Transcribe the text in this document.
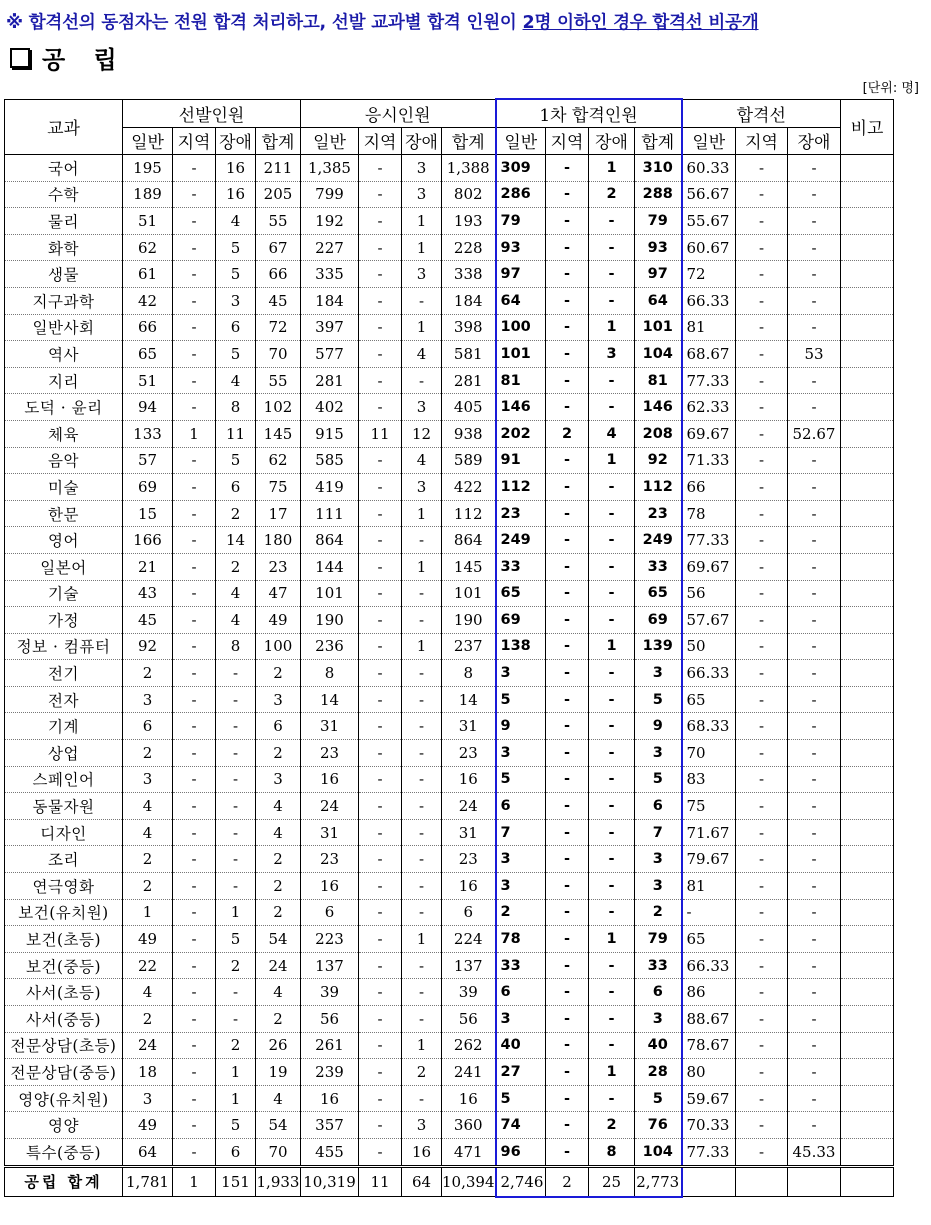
※ 합격선의 동점자는 전원 합격 처리하고, 선발 교과별 합격 인원이 2명 이하인 경우 합격선 비공개
공 립
[단위: 명]
교과	선발인원				응시인원				1차 합격인원				합격선			비고
	일반	지역	장애	합계	일반	지역	장애	합계	일반	지역	장애	합계	일반	지역	장애	
국어	195	-	16	211	1,385	-	3	1,388	309	-	1	310	60.33	-	-	
수학	189	-	16	205	799	-	3	802	286	-	2	288	56.67	-	-	
물리	51	-	4	55	192	-	1	193	79	-	-	79	55.67	-	-	
화학	62	-	5	67	227	-	1	228	93	-	-	93	60.67	-	-	
생물	61	-	5	66	335	-	3	338	97	-	-	97	72	-	-	
지구과학	42	-	3	45	184	-	-	184	64	-	-	64	66.33	-	-	
일반사회	66	-	6	72	397	-	1	398	100	-	1	101	81	-	-	
역사	65	-	5	70	577	-	4	581	101	-	3	104	68.67	-	53	
지리	51	-	4	55	281	-	-	281	81	-	-	81	77.33	-	-	
도덕 · 윤리	94	-	8	102	402	-	3	405	146	-	-	146	62.33	-	-	
체육	133	1	11	145	915	11	12	938	202	2	4	208	69.67	-	52.67	
음악	57	-	5	62	585	-	4	589	91	-	1	92	71.33	-	-	
미술	69	-	6	75	419	-	3	422	112	-	-	112	66	-	-	
한문	15	-	2	17	111	-	1	112	23	-	-	23	78	-	-	
영어	166	-	14	180	864	-	-	864	249	-	-	249	77.33	-	-	
일본어	21	-	2	23	144	-	1	145	33	-	-	33	69.67	-	-	
기술	43	-	4	47	101	-	-	101	65	-	-	65	56	-	-	
가정	45	-	4	49	190	-	-	190	69	-	-	69	57.67	-	-	
정보 · 컴퓨터	92	-	8	100	236	-	1	237	138	-	1	139	50	-	-	
전기	2	-	-	2	8	-	-	8	3	-	-	3	66.33	-	-	
전자	3	-	-	3	14	-	-	14	5	-	-	5	65	-	-	
기계	6	-	-	6	31	-	-	31	9	-	-	9	68.33	-	-	
상업	2	-	-	2	23	-	-	23	3	-	-	3	70	-	-	
스페인어	3	-	-	3	16	-	-	16	5	-	-	5	83	-	-	
동물자원	4	-	-	4	24	-	-	24	6	-	-	6	75	-	-	
디자인	4	-	-	4	31	-	-	31	7	-	-	7	71.67	-	-	
조리	2	-	-	2	23	-	-	23	3	-	-	3	79.67	-	-	
연극영화	2	-	-	2	16	-	-	16	3	-	-	3	81	-	-	
보건(유치원)	1	-	1	2	6	-	-	6	2	-	-	2	-	-	-	
보건(초등)	49	-	5	54	223	-	1	224	78	-	1	79	65	-	-	
보건(중등)	22	-	2	24	137	-	-	137	33	-	-	33	66.33	-	-	
사서(초등)	4	-	-	4	39	-	-	39	6	-	-	6	86	-	-	
사서(중등)	2	-	-	2	56	-	-	56	3	-	-	3	88.67	-	-	
전문상담(초등)	24	-	2	26	261	-	1	262	40	-	-	40	78.67	-	-	
전문상담(중등)	18	-	1	19	239	-	2	241	27	-	1	28	80	-	-	
영양(유치원)	3	-	1	4	16	-	-	16	5	-	-	5	59.67	-	-	
영양	49	-	5	54	357	-	3	360	74	-	2	76	70.33	-	-	
특수(중등)	64	-	6	70	455	-	16	471	96	-	8	104	77.33	-	45.33	
공립 합계	1,781	1	151	1,933	10,319	11	64	10,394	2,746	2	25	2,773				
